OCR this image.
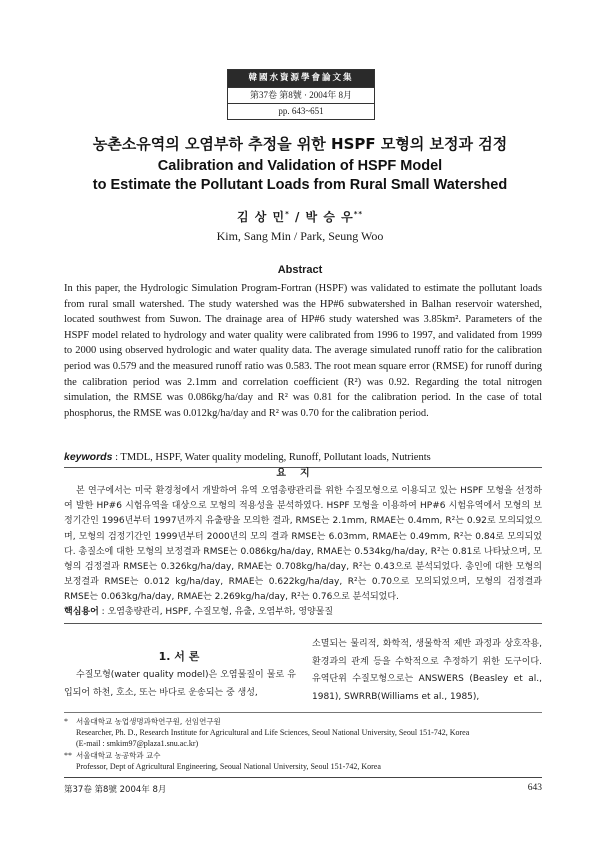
韓國水資源學會論文集
第37卷 第8號 · 2004年 8月
pp. 643~651
농촌소유역의 오염부하 추정을 위한 HSPF 모형의 보정과 검정
Calibration and Validation of HSPF Model
to Estimate the Pollutant Loads from Rural Small Watershed
김 상 민* / 박 승 우**
Kim, Sang Min / Park, Seung Woo
Abstract

In this paper, the Hydrologic Simulation Program-Fortran (HSPF) was validated to estimate the pollutant loads from rural small watershed. The study watershed was the HP#6 subwatershed in Balhan reservoir watershed, located southwest from Suwon. The drainage area of HP#6 study watershed was 3.85km². Parameters of the HSPF model related to hydrology and water quality were calibrated from 1996 to 1997, and validated from 1999 to 2000 using observed hydrologic and water quality data. The average simulated runoff ratio for the calibration period was 0.579 and the measured runoff ratio was 0.583. The root mean square error (RMSE) for runoff during the calibration period was 2.1mm and correlation coefficient (R²) was 0.92. Regarding the total nitrogen simulation, the RMSE was 0.086kg/ha/day and R² was 0.81 for the calibration period. In the case of total phosphorus, the RMSE was 0.012kg/ha/day and R² was 0.70 for the calibration period.

keywords : TMDL, HSPF, Water quality modeling, Runoff, Pollutant loads, Nutrients
요지

본 연구에서는 미국 환경청에서 개발하여 유역 오염총량관리를 위한 수질모형으로 이용되고 있는 HSPF 모형을 선정하여 발한 HP#6 시험유역을 대상으로 모형의 적용성을 분석하였다. HSPF 모형을 이용하여 HP#6 시험유역에서 모형의 보정기간인 1996년부터 1997년까지 유출량을 모의한 결과, RMSE는 2.1mm, RMAE는 0.4mm, R²는 0.92로 모의되었으며, 모형의 검정기간인 1999년부터 2000년의 모의 결과 RMSE는 6.03mm, RMAE는 0.49mm, R²는 0.84로 모의되었다. 총질소에 대한 모형의 보정결과 RMSE는 0.086kg/ha/day, RMAE는 0.534kg/ha/day, R²는 0.81로 나타났으며, 모형의 검정결과 RMSE는 0.326kg/ha/day, RMAE는 0.708kg/ha/day, R²는 0.43으로 분석되었다. 총인에 대한 모형의 보정결과 RMSE는 0.012 kg/ha/day, RMAE는 0.622kg/ha/day, R²는 0.70으로 모의되었으며, 모형의 검정결과 RMSE는 0.063kg/ha/day, RMAE는 2.269kg/ha/day, R²는 0.76으로 분석되었다.

핵심용어 : 오염총량관리, HSPF, 수질모형, 유출, 오염부하, 영양물질
1. 서 론

수질모형(water quality model)은 오염물질이 물로 유입되어 하천, 호소, 또는 바다로 운송되는 중 생성,

소멸되는 물리적, 화학적, 생물학적 제반 과정과 상호작용, 환경과의 관계 등을 수학적으로 추정하기 위한 도구이다. 유역단위 수질모형으로는 ANSWERS (Beasley et al., 1981), SWRRB(Williams et al., 1985),

* 서울대학교 농업생명과학연구원, 선임연구원
Researcher, Ph. D., Research Institute for Agricultural and Life Sciences, Seoul National University, Seoul 151-742, Korea
(E-mail : smkim97@plaza1.snu.ac.kr)
** 서울대학교 농공학과 교수
Professor, Dept of Agricultural Engineering, Seoual National University, Seoul 151-742, Korea
第37卷 第8號 2004年 8月	643
